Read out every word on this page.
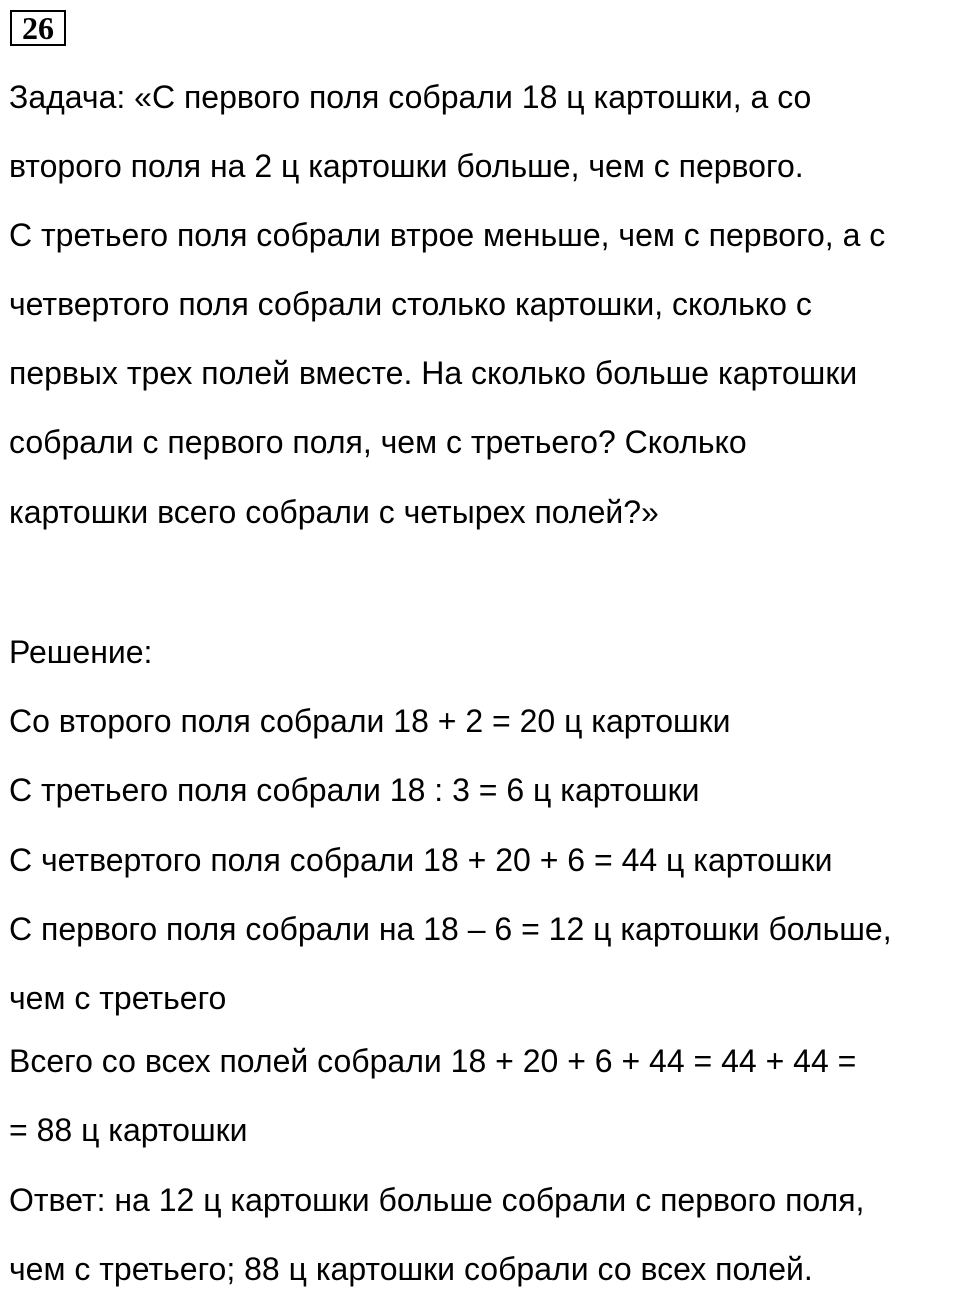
26
Задача: «С первого поля собрали 18 ц картошки, а со
второго поля на 2 ц картошки больше, чем с первого.
С третьего поля собрали втрое меньше, чем с первого, а с
четвертого поля собрали столько картошки, сколько с
первых трех полей вместе. На сколько больше картошки
собрали с первого поля, чем с третьего? Сколько
картошки всего собрали с четырех полей?»
Решение:
Со второго поля собрали 18 + 2 = 20 ц картошки
С третьего поля собрали 18 : 3 = 6 ц картошки
С четвертого поля собрали 18 + 20 + 6 = 44 ц картошки
С первого поля собрали на 18 – 6 = 12 ц картошки больше,
чем с третьего
Всего со всех полей собрали 18 + 20 + 6 + 44 = 44 + 44 =
= 88 ц картошки
Ответ: на 12 ц картошки больше собрали с первого поля,
чем с третьего; 88 ц картошки собрали со всех полей.
